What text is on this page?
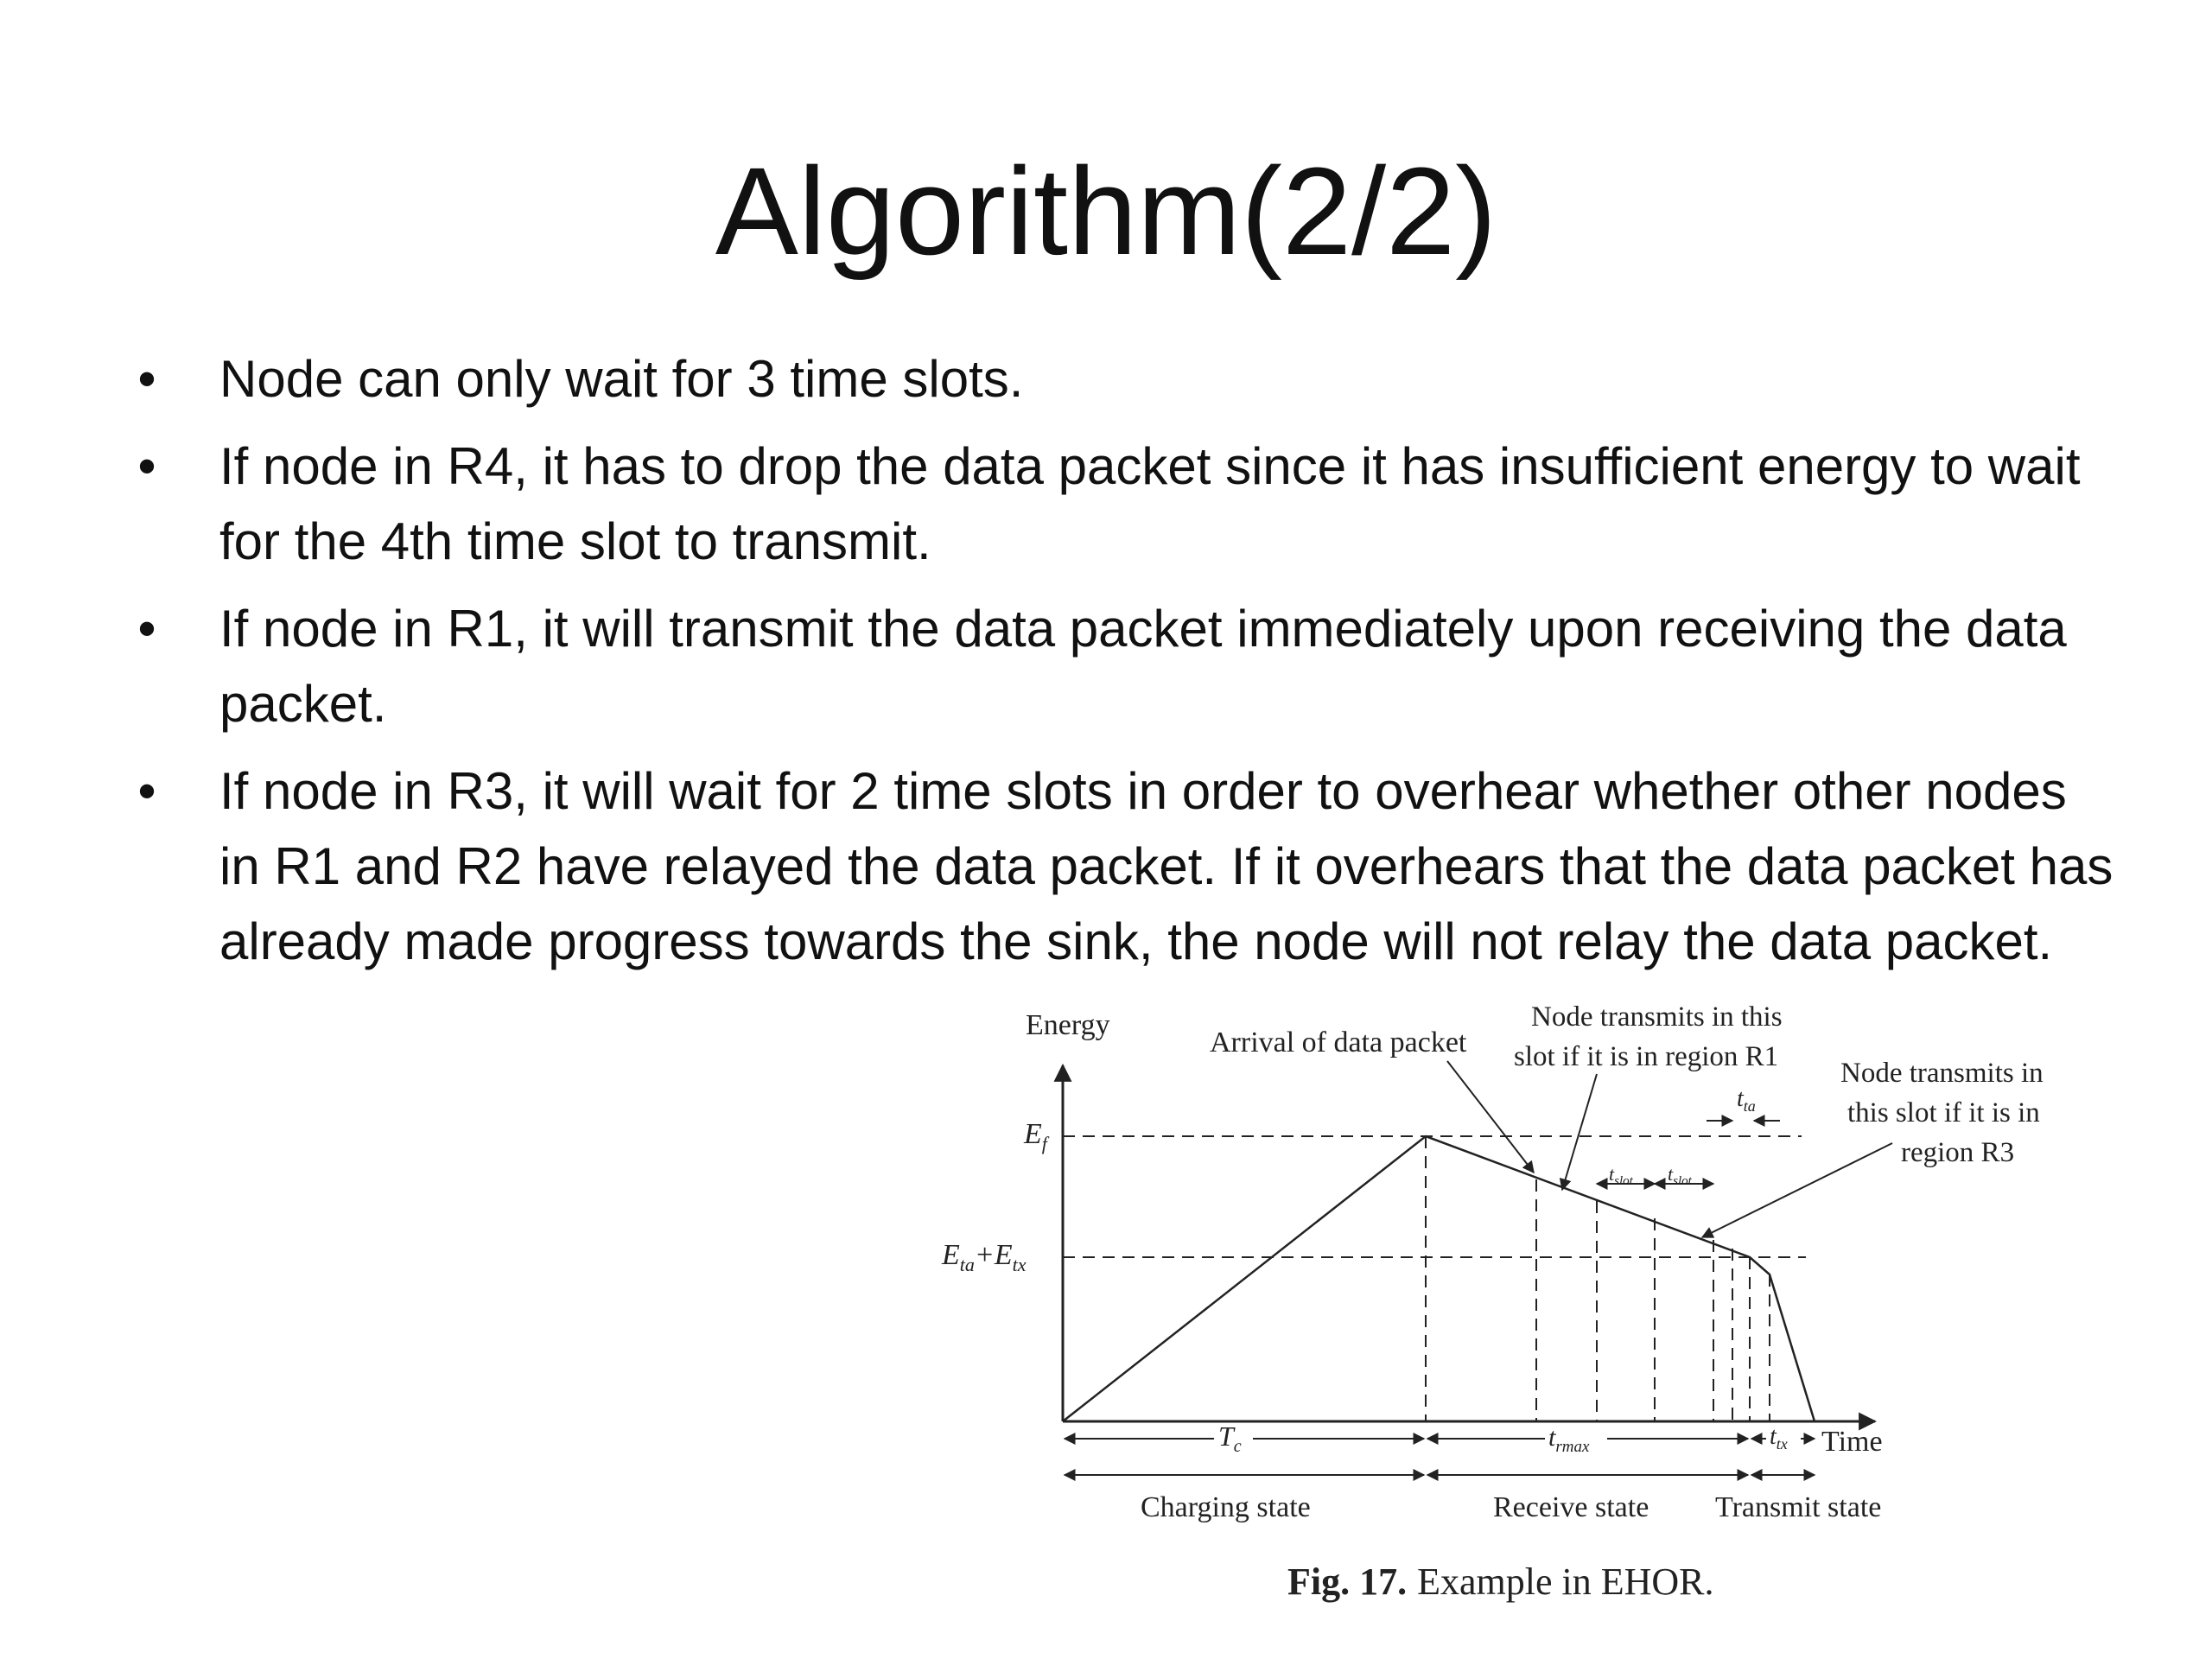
Algorithm(2/2)
• Node can only wait for 3 time slots.
• If node in R4, it has to drop the data packet since it has insufficient energy to wait for the 4th time slot to transmit.
• If node in R1, it will transmit the data packet immediately upon receiving the data packet.
• If node in R3, it will wait for 2 time slots in order to overhear whether other nodes in R1 and R2 have relayed the data packet. If it overhears that the data packet has already made progress towards the sink, the node will not relay the data packet.
Energy
Time
$E_f$
$E_{ta}+E_{tx}$
Arrival of data packet
Node transmits in this
slot if it is in region R1
Node transmits in
this slot if it is in
region R3
$t_{ta}$
$t_{slot}$ $t_{slot}$
$T_c$	$t_{rmax}$	$t_{tx}$
Charging state	Receive state Transmit state
Fig. 17. Example in EHOR.
